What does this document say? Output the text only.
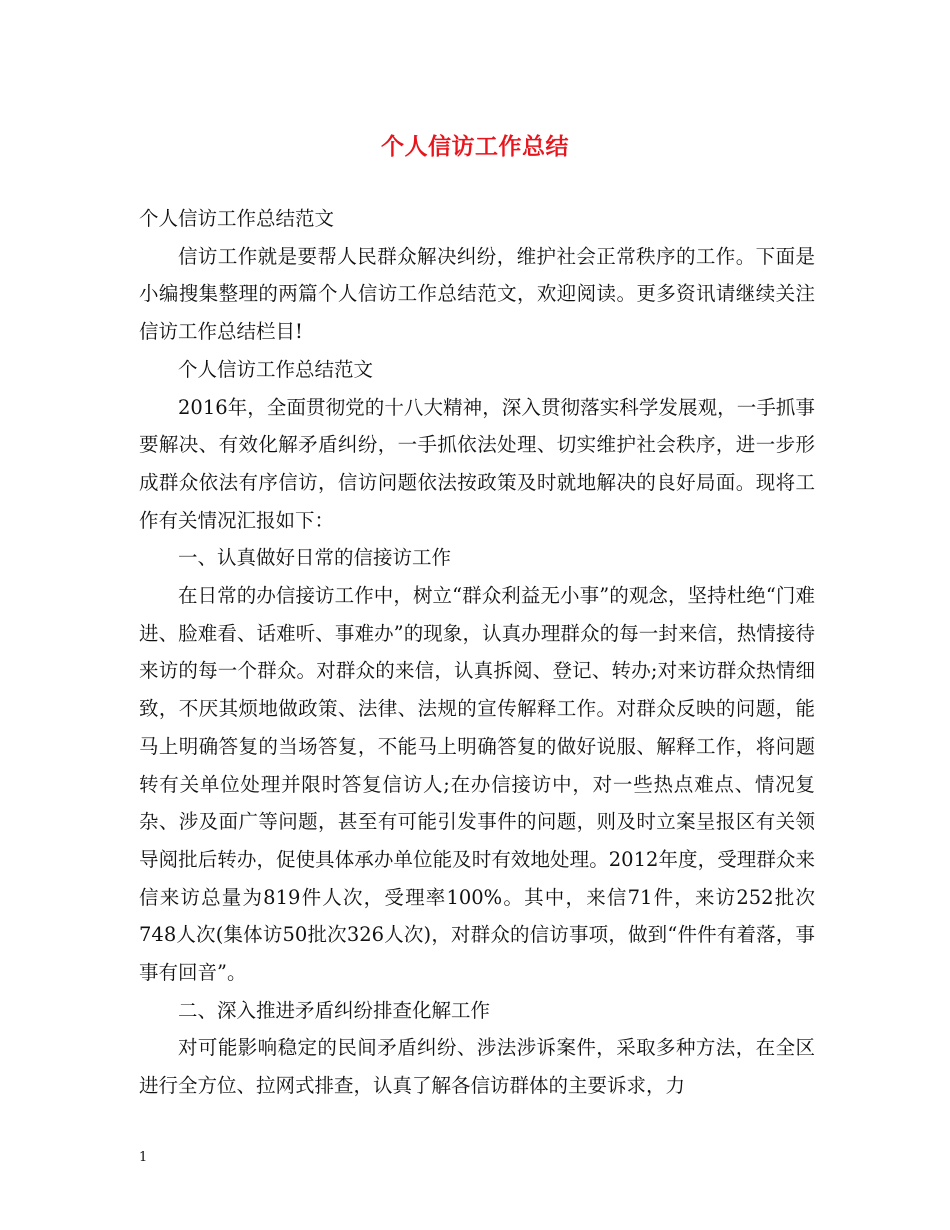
个人信访工作总结

个人信访工作总结范文

信访工作就是要帮人民群众解决纠纷，维护社会正常秩序的工作。下面是小编搜集整理的两篇个人信访工作总结范文，欢迎阅读。更多资讯请继续关注信访工作总结栏目!

个人信访工作总结范文

2016年，全面贯彻党的十八大精神，深入贯彻落实科学发展观，一手抓事要解决、有效化解矛盾纠纷，一手抓依法处理、切实维护社会秩序，进一步形成群众依法有序信访，信访问题依法按政策及时就地解决的良好局面。现将工作有关情况汇报如下：

一、认真做好日常的信接访工作

在日常的办信接访工作中，树立“群众利益无小事”的观念，坚持杜绝“门难进、脸难看、话难听、事难办”的现象，认真办理群众的每一封来信，热情接待来访的每一个群众。对群众的来信，认真拆阅、登记、转办;对来访群众热情细致，不厌其烦地做政策、法律、法规的宣传解释工作。对群众反映的问题，能马上明确答复的当场答复，不能马上明确答复的做好说服、解释工作，将问题转有关单位处理并限时答复信访人;在办信接访中，对一些热点难点、情况复杂、涉及面广等问题，甚至有可能引发事件的问题，则及时立案呈报区有关领导阅批后转办，促使具体承办单位能及时有效地处理。2012年度，受理群众来信来访总量为819件人次，受理率100%。其中，来信71件，来访252批次748人次(集体访50批次326人次)，对群众的信访事项，做到“件件有着落，事事有回音”。

二、深入推进矛盾纠纷排查化解工作

对可能影响稳定的民间矛盾纠纷、涉法涉诉案件，采取多种方法，在全区进行全方位、拉网式排查，认真了解各信访群体的主要诉求，力

1
